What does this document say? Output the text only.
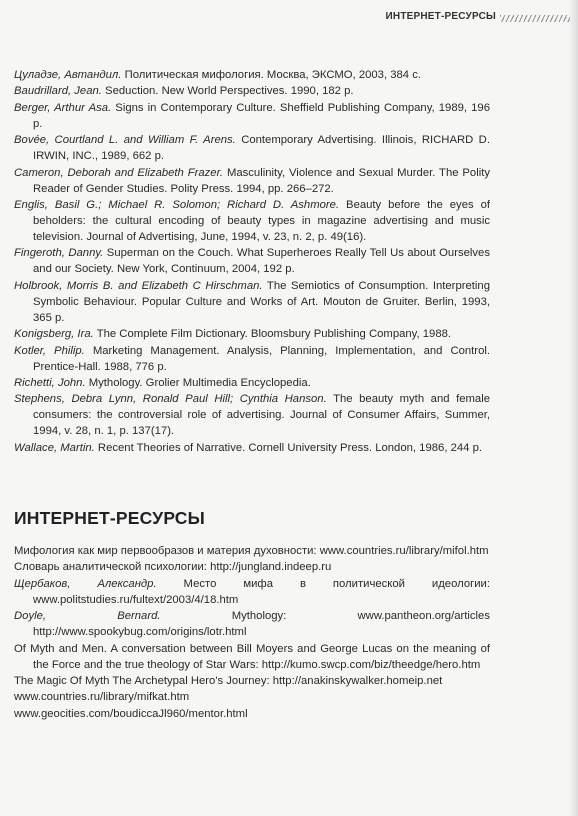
ИНТЕРНЕТ-РЕСУРСЫ
Цуладзе, Автандил. Политическая мифология. Москва, ЭКСМО, 2003, 384 с.
Baudrillard, Jean. Seduction. New World Perspectives. 1990, 182 p.
Berger, Arthur Asa. Signs in Contemporary Culture. Sheffield Publishing Company, 1989, 196 p.
Bovée, Courtland L. and William F. Arens. Contemporary Advertising. Illinois, RICHARD D. IRWIN, INC., 1989, 662 p.
Cameron, Deborah and Elizabeth Frazer. Masculinity, Violence and Sexual Murder. The Polity Reader of Gender Studies. Polity Press. 1994, pp. 266–272.
Englis, Basil G.; Michael R. Solomon; Richard D. Ashmore. Beauty before the eyes of beholders: the cultural encoding of beauty types in magazine advertising and music television. Journal of Advertising, June, 1994, v. 23, n. 2, p. 49(16).
Fingeroth, Danny. Superman on the Couch. What Superheroes Really Tell Us about Ourselves and our Society. New York, Continuum, 2004, 192 p.
Holbrook, Morris B. and Elizabeth C Hirschman. The Semiotics of Consumption. Interpreting Symbolic Behaviour. Popular Culture and Works of Art. Mouton de Gruiter. Berlin, 1993, 365 p.
Konigsberg, Ira. The Complete Film Dictionary. Bloomsbury Publishing Company, 1988.
Kotler, Philip. Marketing Management. Analysis, Planning, Implementation, and Control. Prentice-Hall. 1988, 776 p.
Richetti, John. Mythology. Grolier Multimedia Encyclopedia.
Stephens, Debra Lynn, Ronald Paul Hill; Cynthia Hanson. The beauty myth and female consumers: the controversial role of advertising. Journal of Consumer Affairs, Summer, 1994, v. 28, n. 1, p. 137(17).
Wallace, Martin. Recent Theories of Narrative. Cornell University Press. London, 1986, 244 p.
ИНТЕРНЕТ-РЕСУРСЫ
Мифология как мир первообразов и материя духовности: www.countries.ru/library/mifol.htm
Словарь аналитической психологии: http://jungland.indeep.ru
Щербаков, Александр. Место мифа в политической идеологии: www.politstudies.ru/fultext/2003/4/18.htm
Doyle, Bernard. Mythology: www.pantheon.org/articles http://www.spookybug.com/origins/lotr.html
Of Myth and Men. A conversation between Bill Moyers and George Lucas on the meaning of the Force and the true theology of Star Wars: http://kumo.swcp.com/biz/theedge/hero.htm
The Magic Of Myth The Archetypal Hero's Journey: http://anakinskywalker.homeip.net
www.countries.ru/library/mifkat.htm
www.geocities.com/boudiccaJl960/mentor.html
